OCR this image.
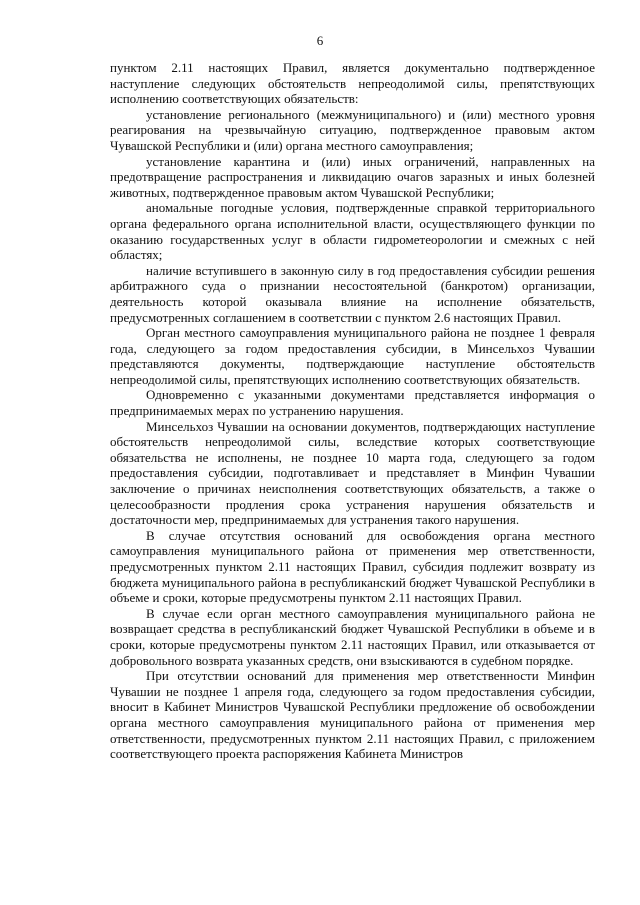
6

пунктом 2.11 настоящих Правил, является документально подтвержденное наступление следующих обстоятельств непреодолимой силы, препятствующих исполнению соответствующих обязательств:

установление регионального (межмуниципального) и (или) местного уровня реагирования на чрезвычайную ситуацию, подтвержденное правовым актом Чувашской Республики и (или) органа местного самоуправления;

установление карантина и (или) иных ограничений, направленных на предотвращение распространения и ликвидацию очагов заразных и иных болезней животных, подтвержденное правовым актом Чувашской Республики;

аномальные погодные условия, подтвержденные справкой территориального органа федерального органа исполнительной власти, осуществляющего функции по оказанию государственных услуг в области гидрометеорологии и смежных с ней областях;

наличие вступившего в законную силу в год предоставления субсидии решения арбитражного суда о признании несостоятельной (банкротом) организации, деятельность которой оказывала влияние на исполнение обязательств, предусмотренных соглашением в соответствии с пунктом 2.6 настоящих Правил.

Орган местного самоуправления муниципального района не позднее 1 февраля года, следующего за годом предоставления субсидии, в Минсельхоз Чувашии представляются документы, подтверждающие наступление обстоятельств непреодолимой силы, препятствующих исполнению соответствующих обязательств.

Одновременно с указанными документами представляется информация о предпринимаемых мерах по устранению нарушения.

Минсельхоз Чувашии на основании документов, подтверждающих наступление обстоятельств непреодолимой силы, вследствие которых соответствующие обязательства не исполнены, не позднее 10 марта года, следующего за годом предоставления субсидии, подготавливает и представляет в Минфин Чувашии заключение о причинах неисполнения соответствующих обязательств, а также о целесообразности продления срока устранения нарушения обязательств и достаточности мер, предпринимаемых для устранения такого нарушения.

В случае отсутствия оснований для освобождения органа местного самоуправления муниципального района от применения мер ответственности, предусмотренных пунктом 2.11 настоящих Правил, субсидия подлежит возврату из бюджета муниципального района в республиканский бюджет Чувашской Республики в объеме и сроки, которые предусмотрены пунктом 2.11 настоящих Правил.

В случае если орган местного самоуправления муниципального района не возвращает средства в республиканский бюджет Чувашской Республики в объеме и в сроки, которые предусмотрены пунктом 2.11 настоящих Правил, или отказывается от добровольного возврата указанных средств, они взыскиваются в судебном порядке.

При отсутствии оснований для применения мер ответственности Минфин Чувашии не позднее 1 апреля года, следующего за годом предоставления субсидии, вносит в Кабинет Министров Чувашской Республики предложение об освобождении органа местного самоуправления муниципального района от применения мер ответственности, предусмотренных пунктом 2.11 настоящих Правил, с приложением соответствующего проекта распоряжения Кабинета Министров
